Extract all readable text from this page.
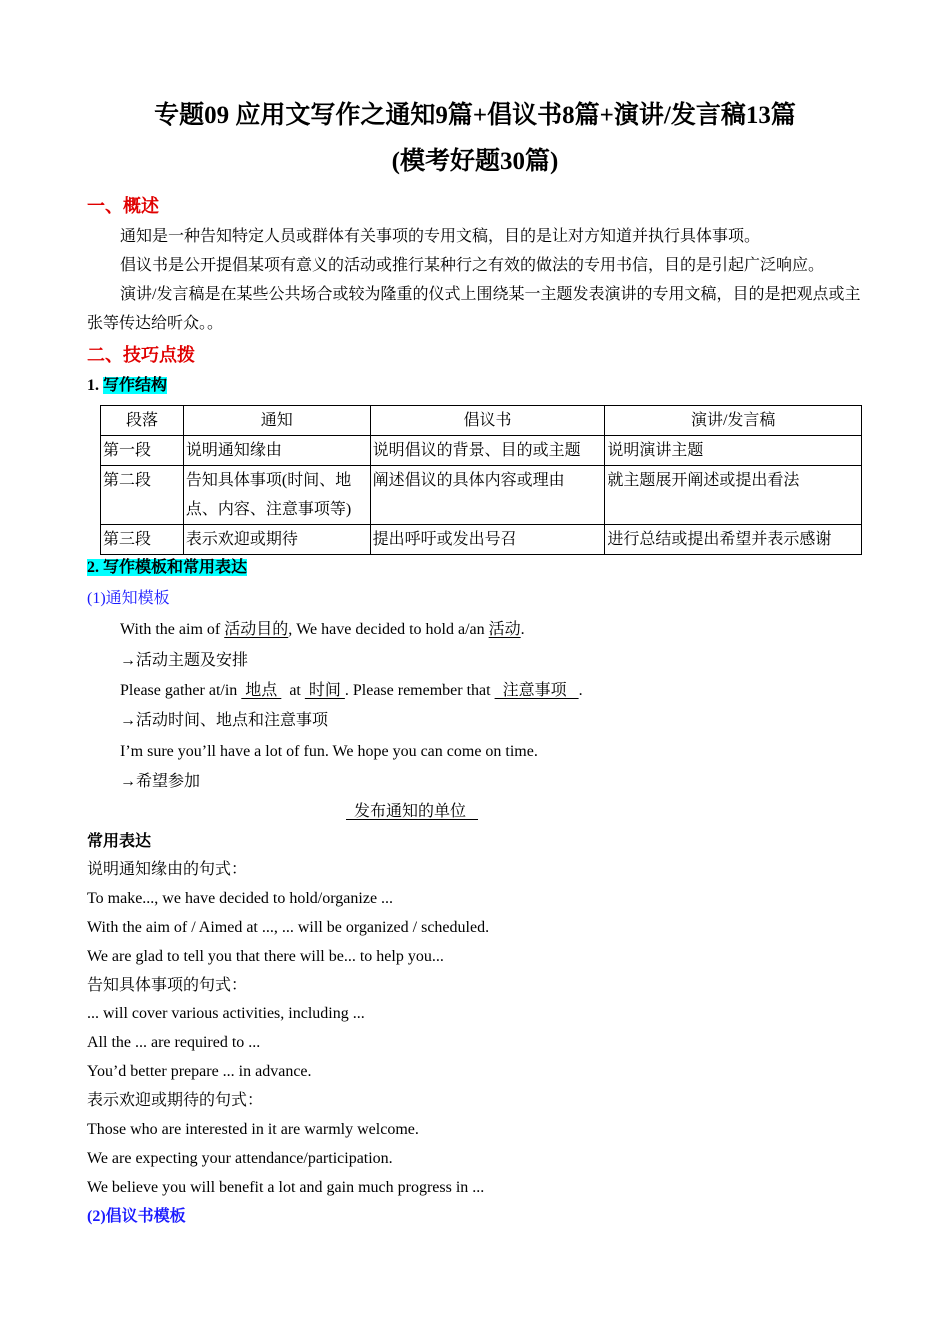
专题09 应用文写作之通知9篇+倡议书8篇+演讲/发言稿13篇
(模考好题30篇)
一、概述
通知是一种告知特定人员或群体有关事项的专用文稿，目的是让对方知道并执行具体事项。
倡议书是公开提倡某项有意义的活动或推行某种行之有效的做法的专用书信，目的是引起广泛响应。
演讲/发言稿是在某些公共场合或较为隆重的仪式上围绕某一主题发表演讲的专用文稿，目的是把观点或主张等传达给听众。。
二、技巧点拨
1. 写作结构
段落	通知	倡议书	演讲/发言稿
第一段	说明通知缘由	说明倡议的背景、目的或主题	说明演讲主题
第二段	告知具体事项(时间、地点、内容、注意事项等)	阐述倡议的具体内容或理由	就主题展开阐述或提出看法
第三段	表示欢迎或期待	提出呼吁或发出号召	进行总结或提出希望并表示感谢
2. 写作模板和常用表达
(1)通知模板
With the aim of 活动目的, We have decided to hold a/an 活动.
→活动主题及安排
Please gather at/in  地点   at  时间 . Please remember that   注意事项   .
→活动时间、地点和注意事项
I’m sure you’ll have a lot of fun. We hope you can come on time.
→希望参加
发布通知的单位
常用表达
说明通知缘由的句式：
To make..., we have decided to hold/organize ...
With the aim of / Aimed at ..., ... will be organized / scheduled.
We are glad to tell you that there will be... to help you...
告知具体事项的句式：
... will cover various activities, including ...
All the ... are required to ...
You’d better prepare ... in advance.
表示欢迎或期待的句式：
Those who are interested in it are warmly welcome.
We are expecting your attendance/participation.
We believe you will benefit a lot and gain much progress in ...
(2)倡议书模板
